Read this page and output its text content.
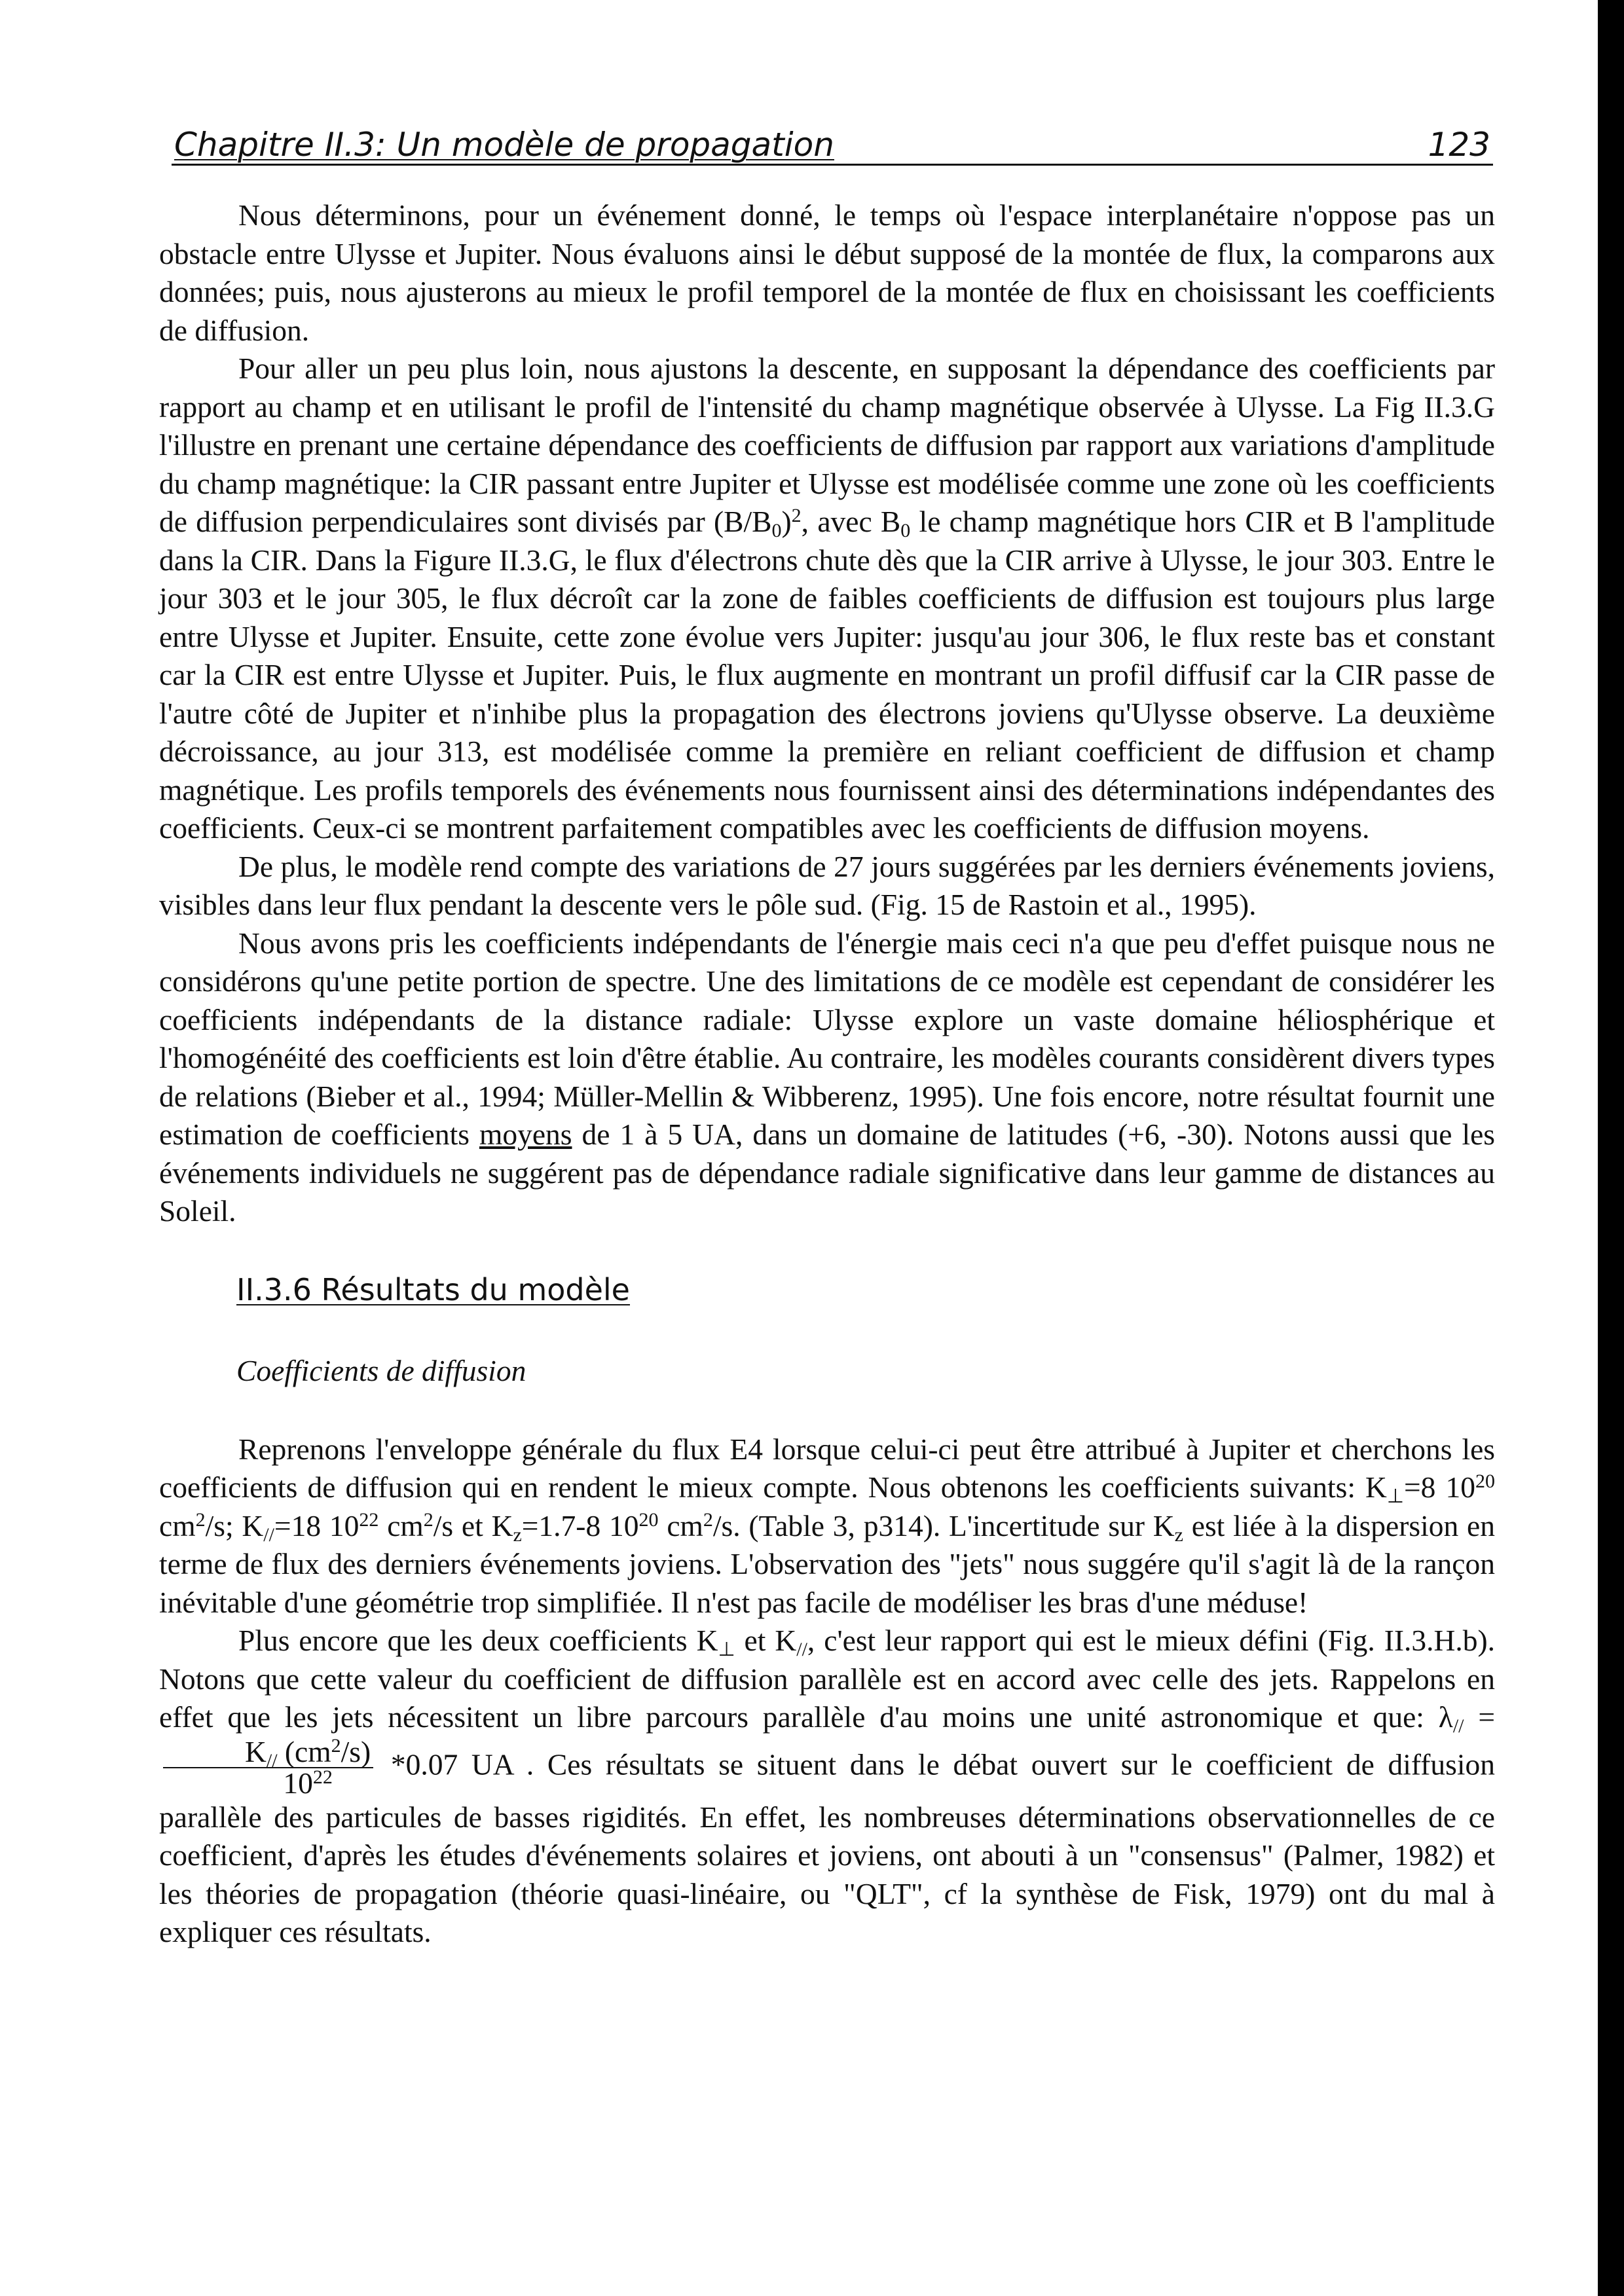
Chapitre II.3: Un modèle de propagation	123

Nous déterminons, pour un événement donné, le temps où l'espace interplanétaire n'oppose pas un obstacle entre Ulysse et Jupiter. Nous évaluons ainsi le début supposé de la montée de flux, la comparons aux données; puis, nous ajusterons au mieux le profil temporel de la montée de flux en choisissant les coefficients de diffusion.

Pour aller un peu plus loin, nous ajustons la descente, en supposant la dépendance des coefficients par rapport au champ et en utilisant le profil de l'intensité du champ magnétique observée à Ulysse. La Fig II.3.G l'illustre en prenant une certaine dépendance des coefficients de diffusion par rapport aux variations d'amplitude du champ magnétique: la CIR passant entre Jupiter et Ulysse est modélisée comme une zone où les coefficients de diffusion perpendiculaires sont divisés par $(B/B_0)^2$, avec $B_0$ le champ magnétique hors CIR et B l'amplitude dans la CIR. Dans la Figure II.3.G, le flux d'électrons chute dès que la CIR arrive à Ulysse, le jour 303. Entre le jour 303 et le jour 305, le flux décroît car la zone de faibles coefficients de diffusion est toujours plus large entre Ulysse et Jupiter. Ensuite, cette zone évolue vers Jupiter: jusqu'au jour 306, le flux reste bas et constant car la CIR est entre Ulysse et Jupiter. Puis, le flux augmente en montrant un profil diffusif car la CIR passe de l'autre côté de Jupiter et n'inhibe plus la propagation des électrons joviens qu'Ulysse observe. La deuxième décroissance, au jour 313, est modélisée comme la première en reliant coefficient de diffusion et champ magnétique. Les profils temporels des événements nous fournissent ainsi des déterminations indépendantes des coefficients. Ceux-ci se montrent parfaitement compatibles avec les coefficients de diffusion moyens.

De plus, le modèle rend compte des variations de 27 jours suggérées par les derniers événements joviens, visibles dans leur flux pendant la descente vers le pôle sud. (Fig. 15 de Rastoin et al., 1995).

Nous avons pris les coefficients indépendants de l'énergie mais ceci n'a que peu d'effet puisque nous ne considérons qu'une petite portion de spectre. Une des limitations de ce modèle est cependant de considérer les coefficients indépendants de la distance radiale: Ulysse explore un vaste domaine héliosphérique et l'homogénéité des coefficients est loin d'être établie. Au contraire, les modèles courants considèrent divers types de relations (Bieber et al., 1994; Müller-Mellin & Wibberenz, 1995). Une fois encore, notre résultat fournit une estimation de coefficients moyens de 1 à 5 UA, dans un domaine de latitudes (+6, -30). Notons aussi que les événements individuels ne suggérent pas de dépendance radiale significative dans leur gamme de distances au Soleil.

II.3.6 Résultats du modèle
Coefficients de diffusion

Reprenons l'enveloppe générale du flux E4 lorsque celui-ci peut être attribué à Jupiter et cherchons les coefficients de diffusion qui en rendent le mieux compte. Nous obtenons les coefficients suivants: $K_\perp=8$ $10^{20}$ $cm^2/s$; $K_{//}=18$ $10^{22}$ $cm^2/s$ et $K_z=1.7-8$ $10^{20}$ $cm^2/s$. (Table 3, p314). L'incertitude sur $K_z$ est liée à la dispersion en terme de flux des derniers événements joviens. L'observation des "jets" nous suggére qu'il s'agit là de la rançon inévitable d'une géométrie trop simplifiée. Il n'est pas facile de modéliser les bras d'une méduse!

Plus encore que les deux coefficients $K_\perp$ et $K_{//}$, c'est leur rapport qui est le mieux défini (Fig. II.3.H.b). Notons que cette valeur du coefficient de diffusion parallèle est en accord avec celle des jets. Rappelons en effet que les jets nécessitent un libre parcours parallèle d'au moins une unité astronomique et que: $\lambda_{//}$ =
$\frac{K_{//} (cm^2/s)}{10^{22}} *0.07$ UA . Ces résultats se situent dans le débat ouvert sur le coefficient de diffusion parallèle des particules de basses rigidités. En effet, les nombreuses déterminations observationnelles de ce coefficient, d'après les études d'événements solaires et joviens, ont abouti à un "consensus" (Palmer, 1982) et les théories de propagation (théorie quasi-linéaire, ou "QLT", cf la synthèse de Fisk, 1979) ont du mal à expliquer ces résultats.
